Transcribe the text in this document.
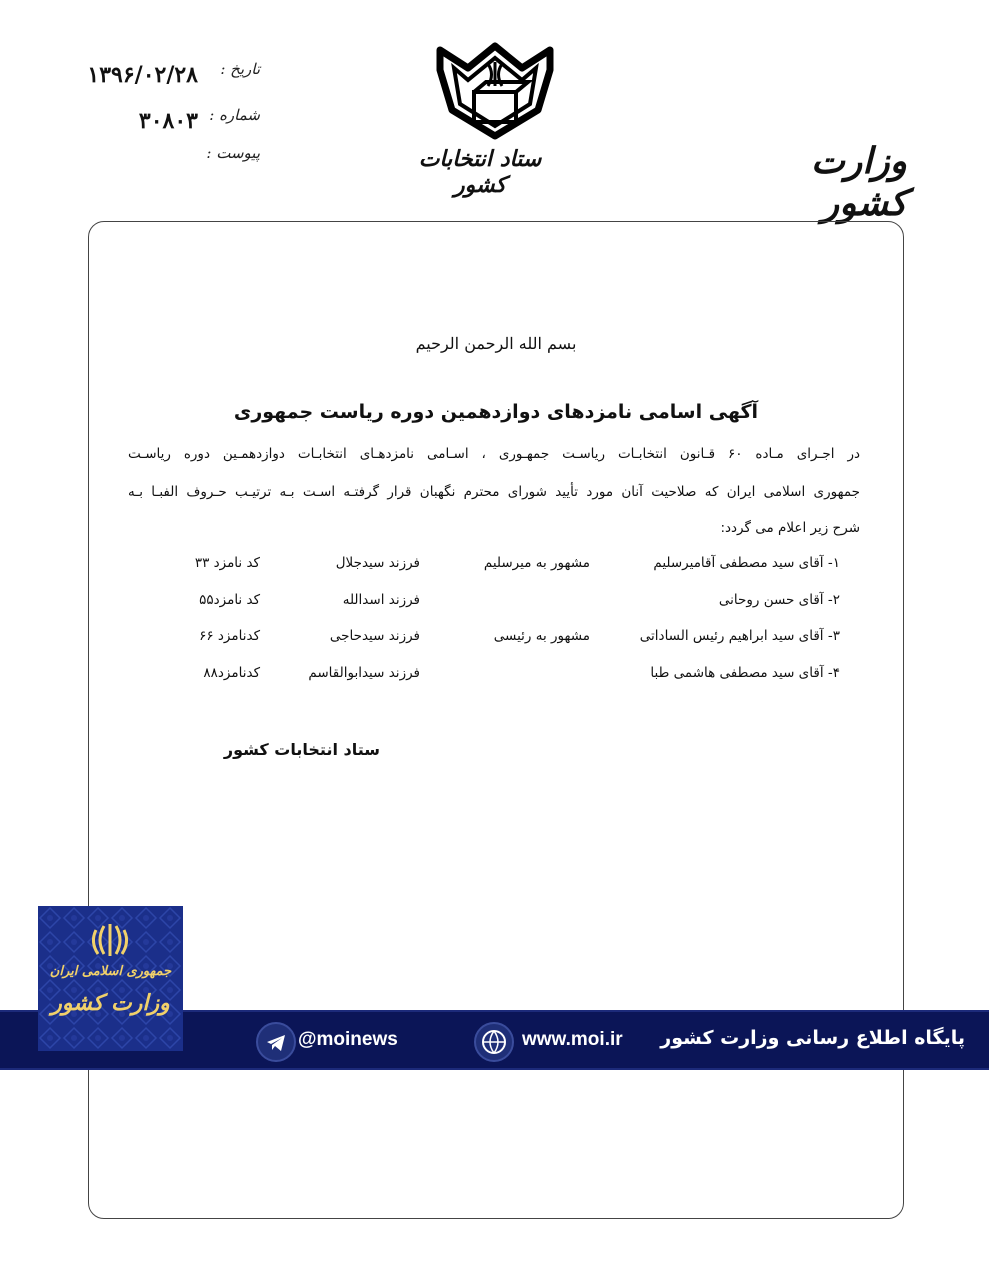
تاریخ :
۱۳۹۶/۰۲/۲۸
شماره :
۳۰۸۰۳
پیوست :	ستاد انتخابات کشور
وزارت کشور
بسم الله الرحمن الرحیم
آگهی اسامی نامزدهای دوازدهمین دوره ریاست جمهوری
در اجـرای مـاده ۶۰ قـانون انتخابـات ریاسـت جمهـوری ، اسـامی نامزدهـای انتخابـات دوازدهمـین دوره ریاسـت
جمهوری اسلامی ایران که صلاحیت آنان مورد تأیید شورای محترم نگهبان قرار گرفتـه اسـت بـه ترتیـب حـروف الفبـا بـه
شرح زیر اعلام می گردد:
۱- آقای سید مصطفی آقامیرسلیم
مشهور به میرسلیم
فرزند سیدجلال
کد نامزد ۳۳
۲- آقای حسن روحانی
فرزند اسدالله
کد نامزد۵۵
۳- آقای سید ابراهیم رئیس الساداتی
مشهور به رئیسی
فرزند سیدحاجی
کدنامزد ۶۶
۴- آقای سید مصطفی هاشمی طبا
فرزند سیدابوالقاسم
کدنامزد۸۸
ستاد انتخابات کشور
جمهوری اسلامی ایران
وزارت کشور
@moinews	www.moi.ir پایگاه اطلاع رسانی وزارت کشور
